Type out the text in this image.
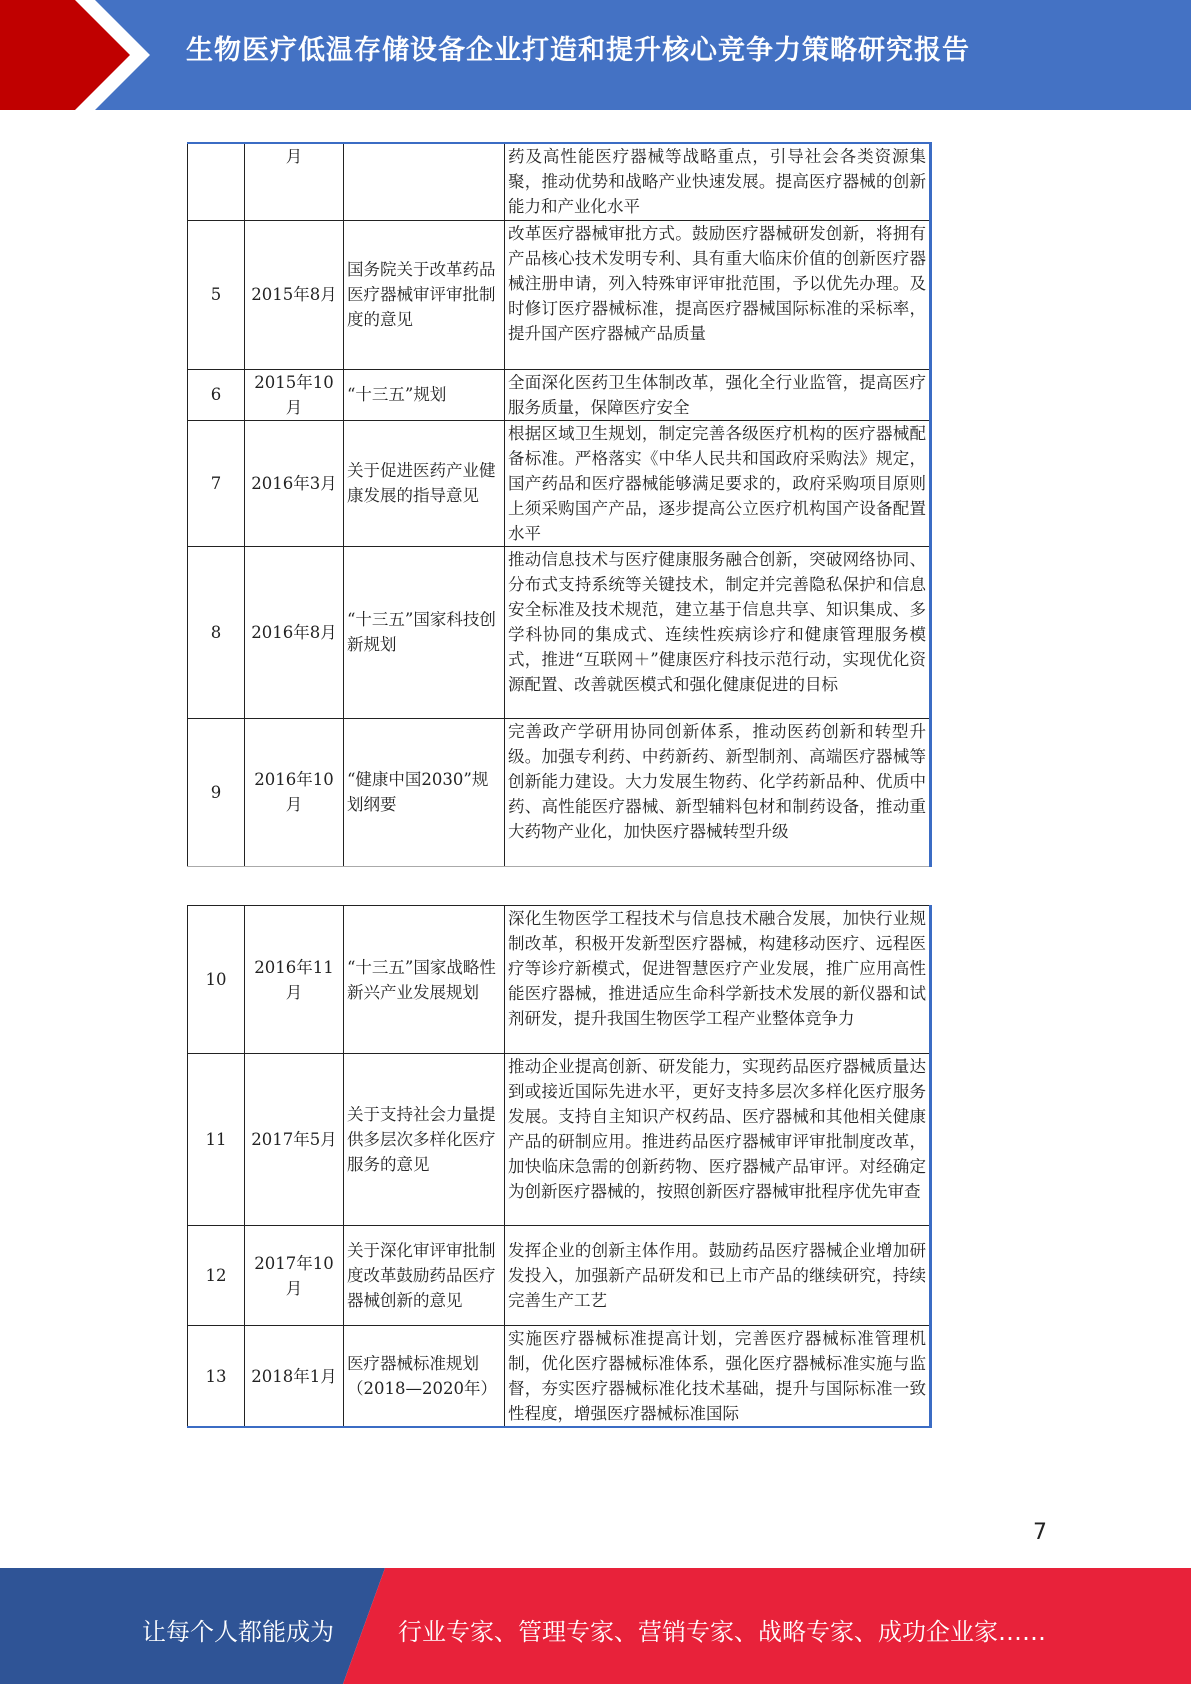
生物医疗低温存储设备企业打造和提升核心竞争力策略研究报告
	月		药及高性能医疗器械等战略重点，引导社会各类资源集聚，推动优势和战略产业快速发展。提高医疗器械的创新能力和产业化水平
5	2015年8月	国务院关于改革药品医疗器械审评审批制度的意见	改革医疗器械审批方式。鼓励医疗器械研发创新，将拥有产品核心技术发明专利、具有重大临床价值的创新医疗器械注册申请，列入特殊审评审批范围，予以优先办理。及时修订医疗器械标准，提高医疗器械国际标准的采标率，提升国产医疗器械产品质量
6	2015年10月	“十三五”规划	全面深化医药卫生体制改革，强化全行业监管，提高医疗服务质量，保障医疗安全
7	2016年3月	关于促进医药产业健康发展的指导意见	根据区域卫生规划，制定完善各级医疗机构的医疗器械配备标准。严格落实《中华人民共和国政府采购法》规定，国产药品和医疗器械能够满足要求的，政府采购项目原则上须采购国产产品，逐步提高公立医疗机构国产设备配置水平
8	2016年8月	“十三五”国家科技创新规划	推动信息技术与医疗健康服务融合创新，突破网络协同、分布式支持系统等关键技术，制定并完善隐私保护和信息安全标准及技术规范，建立基于信息共享、知识集成、多学科协同的集成式、连续性疾病诊疗和健康管理服务模式，推进“互联网＋”健康医疗科技示范行动，实现优化资源配置、改善就医模式和强化健康促进的目标
9	2016年10月	“健康中国2030”规划纲要	完善政产学研用协同创新体系，推动医药创新和转型升级。加强专利药、中药新药、新型制剂、高端医疗器械等创新能力建设。大力发展生物药、化学药新品种、优质中药、高性能医疗器械、新型辅料包材和制药设备，推动重大药物产业化，加快医疗器械转型升级
10	2016年11月	“十三五”国家战略性新兴产业发展规划	深化生物医学工程技术与信息技术融合发展，加快行业规制改革，积极开发新型医疗器械，构建移动医疗、远程医疗等诊疗新模式，促进智慧医疗产业发展，推广应用高性能医疗器械，推进适应生命科学新技术发展的新仪器和试剂研发，提升我国生物医学工程产业整体竞争力
11	2017年5月	关于支持社会力量提供多层次多样化医疗服务的意见	推动企业提高创新、研发能力，实现药品医疗器械质量达到或接近国际先进水平，更好支持多层次多样化医疗服务发展。支持自主知识产权药品、医疗器械和其他相关健康产品的研制应用。推进药品医疗器械审评审批制度改革，加快临床急需的创新药物、医疗器械产品审评。对经确定为创新医疗器械的，按照创新医疗器械审批程序优先审查
12	2017年10月	关于深化审评审批制度改革鼓励药品医疗器械创新的意见	发挥企业的创新主体作用。鼓励药品医疗器械企业增加研发投入，加强新产品研发和已上市产品的继续研究，持续完善生产工艺
13	2018年1月	医疗器械标准规划（2018—2020年）	实施医疗器械标准提高计划，完善医疗器械标准管理机制，优化医疗器械标准体系，强化医疗器械标准实施与监督，夯实医疗器械标准化技术基础，提升与国际标准一致性程度，增强医疗器械标准国际
7
让每个人都能成为	行业专家、管理专家、营销专家、战略专家、成功企业家……
